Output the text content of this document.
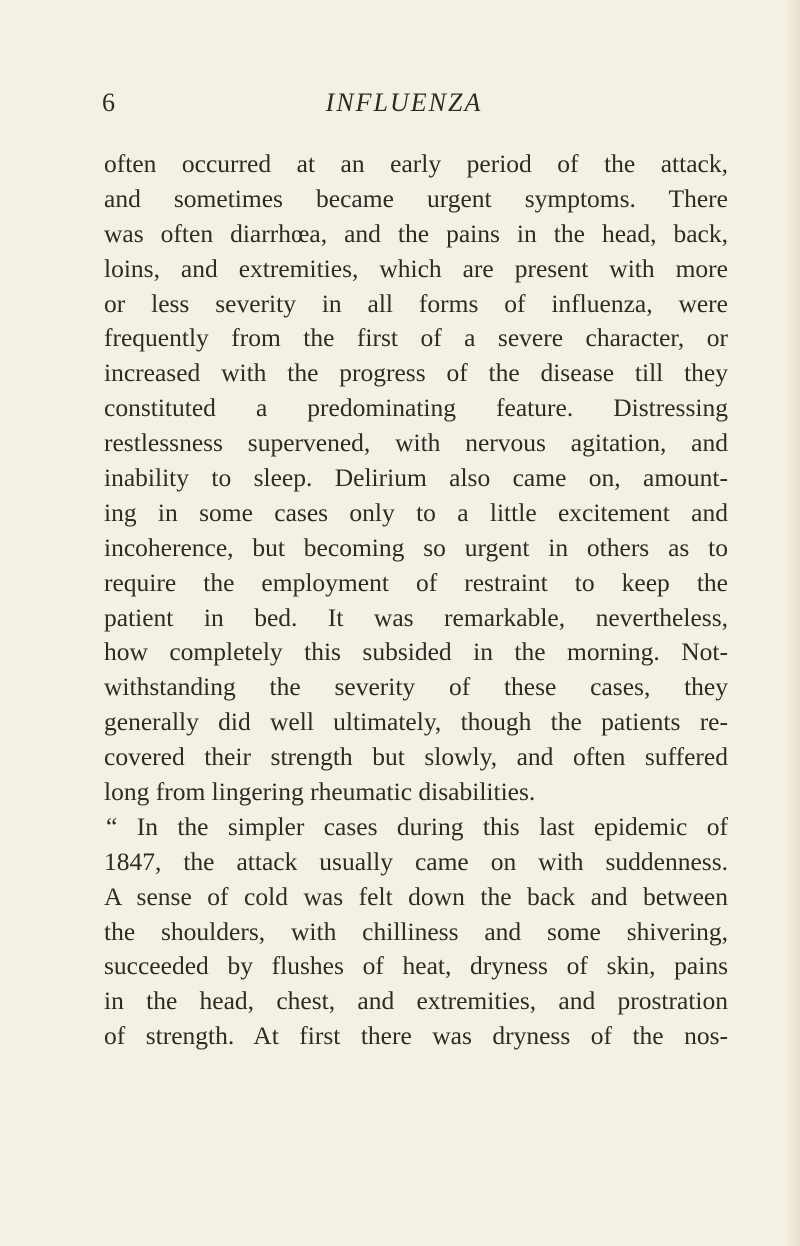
6	INFLUENZA
often occurred at an early period of the attack,
and sometimes became urgent symptoms. There
was often diarrhœa, and the pains in the head, back,
loins, and extremities, which are present with more
or less severity in all forms of influenza, were
frequently from the first of a severe character, or
increased with the progress of the disease till they
constituted a predominating feature. Distressing
restlessness supervened, with nervous agitation, and
inability to sleep. Delirium also came on, amount-
ing in some cases only to a little excitement and
incoherence, but becoming so urgent in others as to
require the employment of restraint to keep the
patient in bed. It was remarkable, nevertheless,
how completely this subsided in the morning. Not-
withstanding the severity of these cases, they
generally did well ultimately, though the patients re-
covered their strength but slowly, and often suffered
long from lingering rheumatic disabilities.
“ In the simpler cases during this last epidemic of
1847, the attack usually came on with suddenness.
A sense of cold was felt down the back and between
the shoulders, with chilliness and some shivering,
succeeded by flushes of heat, dryness of skin, pains
in the head, chest, and extremities, and prostration
of strength. At first there was dryness of the nos-
